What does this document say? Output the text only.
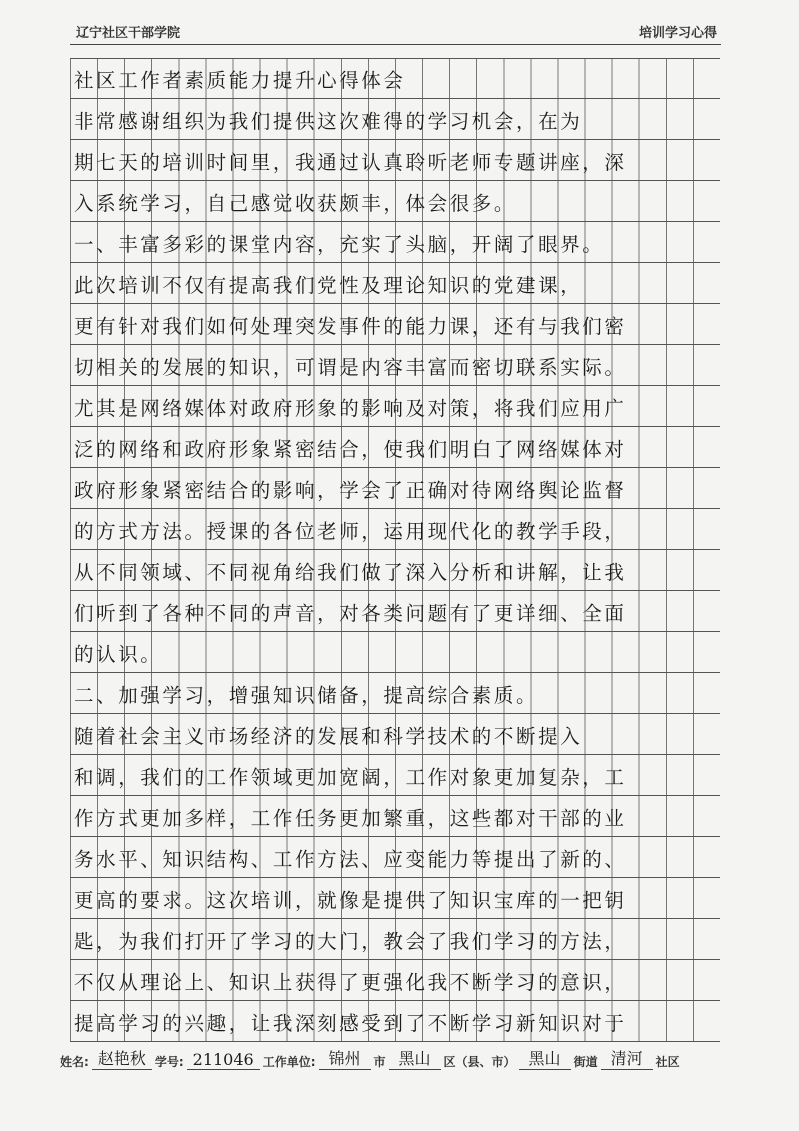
辽宁社区干部学院	培训学习心得
社区工作者素质能力提升心得体会
非常感谢组织为我们提供这次难得的学习机会，在为
期七天的培训时间里，我通过认真聆听老师专题讲座，深
入系统学习，自己感觉收获颇丰，体会很多。
一、丰富多彩的课堂内容，充实了头脑，开阔了眼界。
此次培训不仅有提高我们党性及理论知识的党建课，
更有针对我们如何处理突发事件的能力课，还有与我们密
切相关的发展的知识，可谓是内容丰富而密切联系实际。
尤其是网络媒体对政府形象的影响及对策，将我们应用广
泛的网络和政府形象紧密结合，使我们明白了网络媒体对
政府形象紧密结合的影响，学会了正确对待网络舆论监督
的方式方法。授课的各位老师，运用现代化的教学手段，
从不同领域、不同视角给我们做了深入分析和讲解，让我
们听到了各种不同的声音，对各类问题有了更详细、全面
的认识。
二、加强学习，增强知识储备，提高综合素质。
随着社会主义市场经济的发展和科学技术的不断提入
和调，我们的工作领域更加宽阔，工作对象更加复杂，工
作方式更加多样，工作任务更加繁重，这些都对干部的业
务水平、知识结构、工作方法、应变能力等提出了新的、
更高的要求。这次培训，就像是提供了知识宝库的一把钥
匙，为我们打开了学习的大门，教会了我们学习的方法，
不仅从理论上、知识上获得了更强化我不断学习的意识，
提高学习的兴趣，让我深刻感受到了不断学习新知识对于
姓名: 赵艳秋 学号: 211046 工作单位: 锦州	市 黑山	区（县、市） 黑山	街道 清河	社区
